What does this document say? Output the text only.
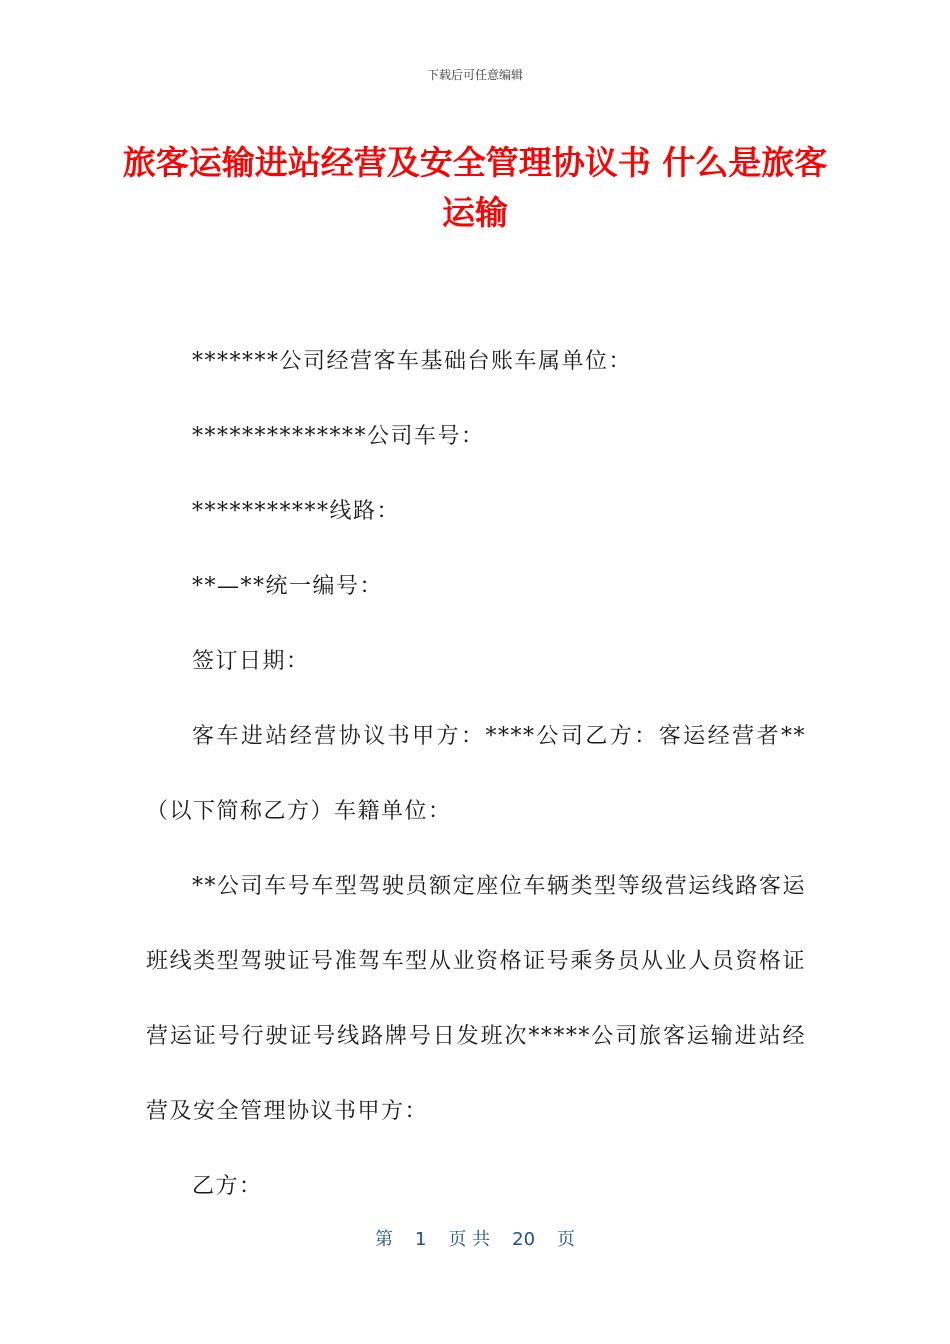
下载后可任意编辑
旅客运输进站经营及安全管理协议书 什么是旅客运输

*******公司经营客车基础台账车属单位：

**************公司车号：

***********线路：

**—**统一编号：

签订日期：

客车进站经营协议书甲方：****公司乙方：客运经营者**（以下简称乙方）车籍单位：

**公司车号车型驾驶员额定座位车辆类型等级营运线路客运班线类型驾驶证号准驾车型从业资格证号乘务员从业人员资格证营运证号行驶证号线路牌号日发班次*****公司旅客运输进站经营及安全管理协议书甲方：

乙方：

第 1 页 共 20 页
